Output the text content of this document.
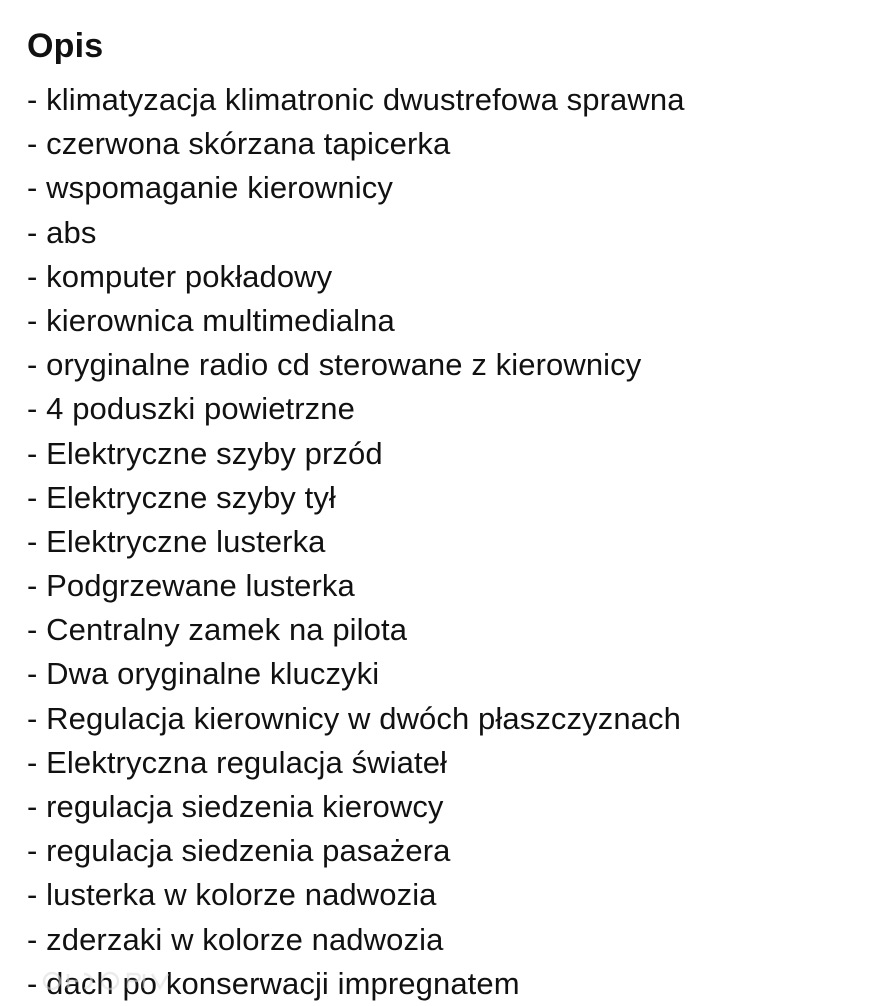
Opis
- klimatyzacja klimatronic dwustrefowa sprawna
- czerwona skórzana tapicerka
- wspomaganie kierownicy
- abs
- komputer pokładowy
- kierownica multimedialna
- oryginalne radio cd sterowane z kierownicy
- 4 poduszki powietrzne
- Elektryczne szyby przód
- Elektryczne szyby tył
- Elektryczne lusterka
- Podgrzewane lusterka
- Centralny zamek na pilota
- Dwa oryginalne kluczyki
- Regulacja kierownicy w dwóch płaszczyznach
- Elektryczna regulacja świateł
- regulacja siedzenia kierowcy
- regulacja siedzenia pasażera
- lusterka w kolorze nadwozia
- zderzaki w kolorze nadwozia
- dach po konserwacji impregnatem
